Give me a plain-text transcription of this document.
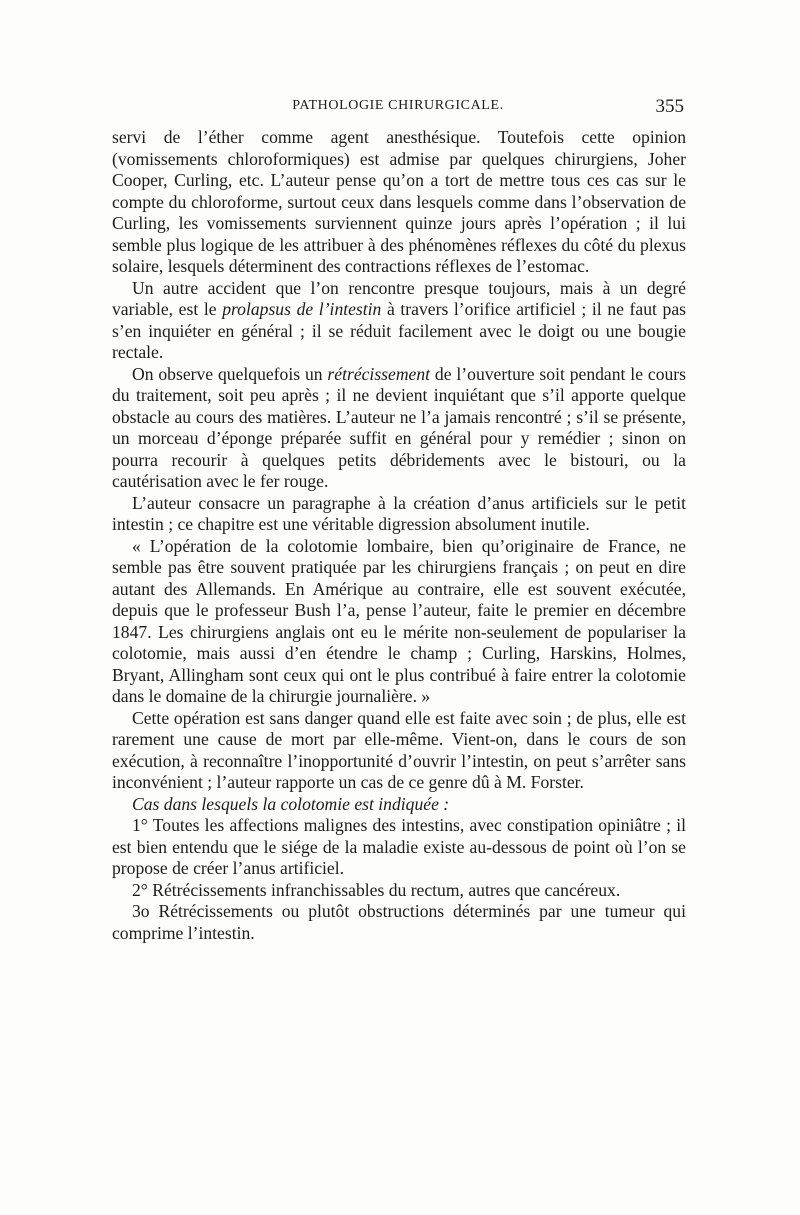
PATHOLOGIE CHIRURGICALE.	355

servi de l’éther comme agent anesthésique. Toutefois cette opinion (vomissements chloroformiques) est admise par quelques chirurgiens, Joher Cooper, Curling, etc. L’auteur pense qu’on a tort de mettre tous ces cas sur le compte du chloroforme, surtout ceux dans lesquels comme dans l’observation de Curling, les vomissements surviennent quinze jours après l’opération ; il lui semble plus logique de les attribuer à des phénomènes réflexes du côté du plexus solaire, lesquels déterminent des contractions réflexes de l’estomac.

Un autre accident que l’on rencontre presque toujours, mais à un degré variable, est le prolapsus de l’intestin à travers l’orifice artificiel ; il ne faut pas s’en inquiéter en général ; il se réduit facilement avec le doigt ou une bougie rectale.

On observe quelquefois un rétrécissement de l’ouverture soit pendant le cours du traitement, soit peu après ; il ne devient inquiétant que s’il apporte quelque obstacle au cours des matières. L’auteur ne l’a jamais rencontré ; s’il se présente, un morceau d’éponge préparée suffit en général pour y remédier ; sinon on pourra recourir à quelques petits débridements avec le bistouri, ou la cautérisation avec le fer rouge.

L’auteur consacre un paragraphe à la création d’anus artificiels sur le petit intestin ; ce chapitre est une véritable digression absolument inutile.

« L’opération de la colotomie lombaire, bien qu’originaire de France, ne semble pas être souvent pratiquée par les chirurgiens français ; on peut en dire autant des Allemands. En Amérique au contraire, elle est souvent exécutée, depuis que le professeur Bush l’a, pense l’auteur, faite le premier en décembre 1847. Les chirurgiens anglais ont eu le mérite non-seulement de populariser la colotomie, mais aussi d’en étendre le champ ; Curling, Harskins, Holmes, Bryant, Allingham sont ceux qui ont le plus contribué à faire entrer la colotomie dans le domaine de la chirurgie journalière. »

Cette opération est sans danger quand elle est faite avec soin ; de plus, elle est rarement une cause de mort par elle-même. Vient-on, dans le cours de son exécution, à reconnaître l’inopportunité d’ouvrir l’intestin, on peut s’arrêter sans inconvénient ; l’auteur rapporte un cas de ce genre dû à M. Forster.

Cas dans lesquels la colotomie est indiquée :

1° Toutes les affections malignes des intestins, avec constipation opiniâtre ; il est bien entendu que le siége de la maladie existe au-dessous de point où l’on se propose de créer l’anus artificiel.

2° Rétrécissements infranchissables du rectum, autres que cancéreux.

3o Rétrécissements ou plutôt obstructions déterminés par une tumeur qui comprime l’intestin.
